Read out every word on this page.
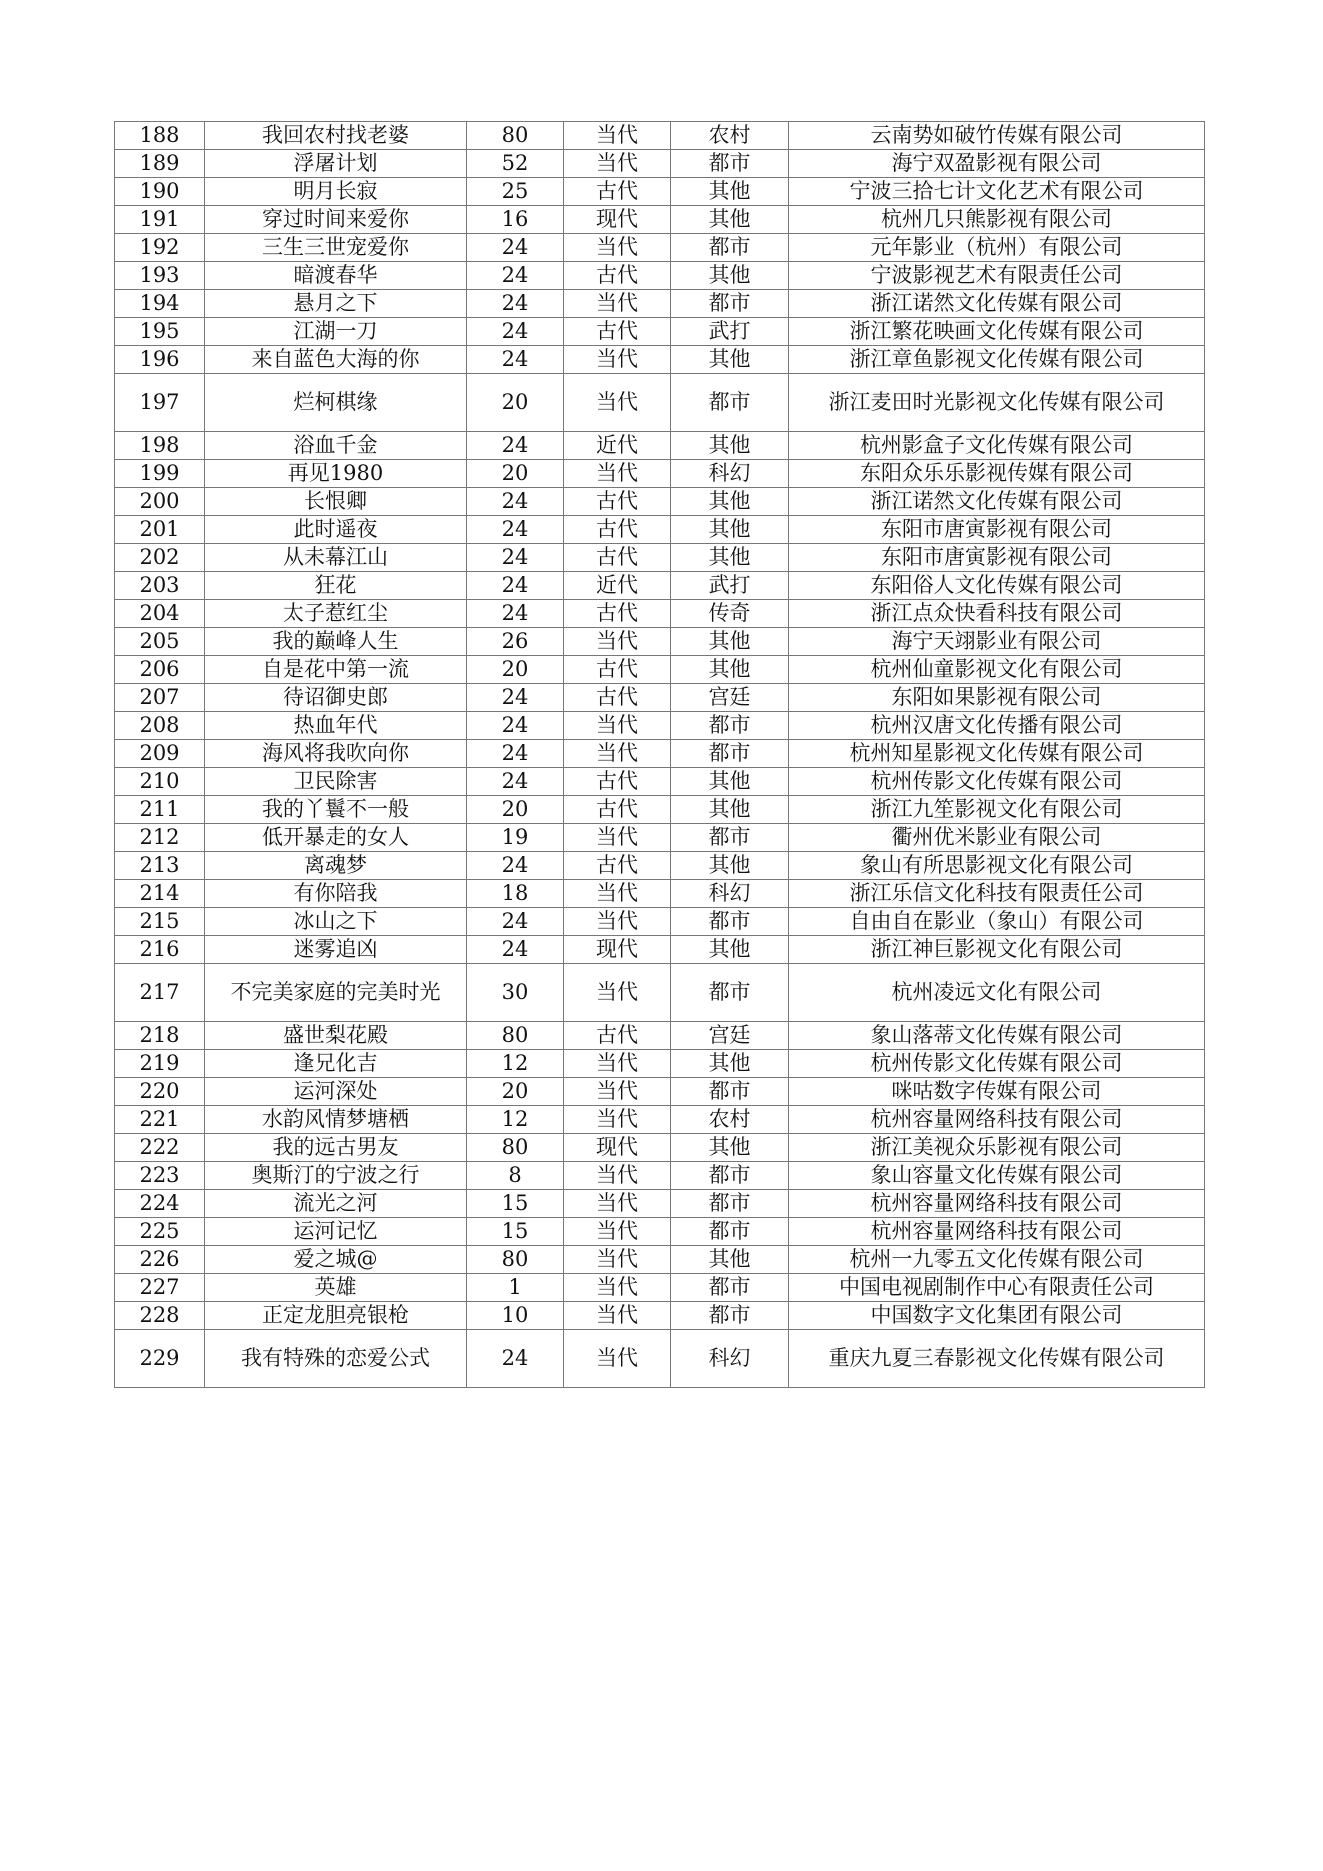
188	我回农村找老婆	80	当代	农村	云南势如破竹传媒有限公司
189	浮屠计划	52	当代	都市	海宁双盈影视有限公司
190	明月长寂	25	古代	其他	宁波三拾七计文化艺术有限公司
191	穿过时间来爱你	16	现代	其他	杭州几只熊影视有限公司
192	三生三世宠爱你	24	当代	都市	元年影业（杭州）有限公司
193	暗渡春华	24	古代	其他	宁波影视艺术有限责任公司
194	悬月之下	24	当代	都市	浙江诺然文化传媒有限公司
195	江湖一刀	24	古代	武打	浙江繁花映画文化传媒有限公司
196	来自蓝色大海的你	24	当代	其他	浙江章鱼影视文化传媒有限公司
197	烂柯棋缘	20	当代	都市	浙江麦田时光影视文化传媒有限公司
198	浴血千金	24	近代	其他	杭州影盒子文化传媒有限公司
199	再见1980	20	当代	科幻	东阳众乐乐影视传媒有限公司
200	长恨卿	24	古代	其他	浙江诺然文化传媒有限公司
201	此时遥夜	24	古代	其他	东阳市唐寅影视有限公司
202	从未幕江山	24	古代	其他	东阳市唐寅影视有限公司
203	狂花	24	近代	武打	东阳俗人文化传媒有限公司
204	太子惹红尘	24	古代	传奇	浙江点众快看科技有限公司
205	我的巅峰人生	26	当代	其他	海宁天翊影业有限公司
206	自是花中第一流	20	古代	其他	杭州仙童影视文化有限公司
207	待诏御史郎	24	古代	宫廷	东阳如果影视有限公司
208	热血年代	24	当代	都市	杭州汉唐文化传播有限公司
209	海风将我吹向你	24	当代	都市	杭州知星影视文化传媒有限公司
210	卫民除害	24	古代	其他	杭州传影文化传媒有限公司
211	我的丫鬟不一般	20	古代	其他	浙江九笙影视文化有限公司
212	低开暴走的女人	19	当代	都市	衢州优米影业有限公司
213	离魂梦	24	古代	其他	象山有所思影视文化有限公司
214	有你陪我	18	当代	科幻	浙江乐信文化科技有限责任公司
215	冰山之下	24	当代	都市	自由自在影业（象山）有限公司
216	迷雾追凶	24	现代	其他	浙江神巨影视文化有限公司
217	不完美家庭的完美时光	30	当代	都市	杭州凌远文化有限公司
218	盛世梨花殿	80	古代	宫廷	象山落蒂文化传媒有限公司
219	逢兄化吉	12	当代	其他	杭州传影文化传媒有限公司
220	运河深处	20	当代	都市	咪咕数字传媒有限公司
221	水韵风情梦塘栖	12	当代	农村	杭州容量网络科技有限公司
222	我的远古男友	80	现代	其他	浙江美视众乐影视有限公司
223	奥斯汀的宁波之行	8	当代	都市	象山容量文化传媒有限公司
224	流光之河	15	当代	都市	杭州容量网络科技有限公司
225	运河记忆	15	当代	都市	杭州容量网络科技有限公司
226	爱之城@	80	当代	其他	杭州一九零五文化传媒有限公司
227	英雄	1	当代	都市	中国电视剧制作中心有限责任公司
228	正定龙胆亮银枪	10	当代	都市	中国数字文化集团有限公司
229	我有特殊的恋爱公式	24	当代	科幻	重庆九夏三春影视文化传媒有限公司
